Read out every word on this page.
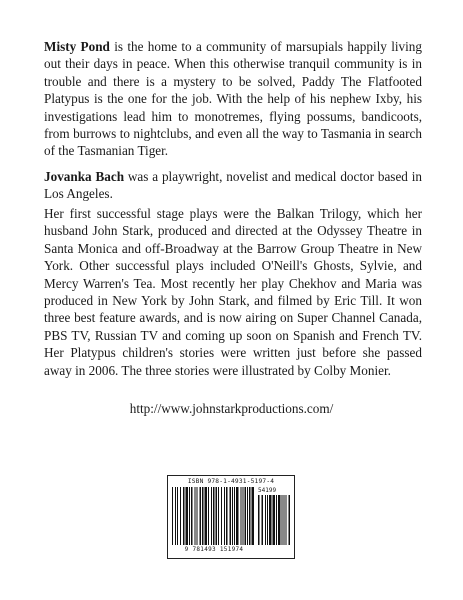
Misty Pond is the home to a community of marsupials happily living out their days in peace. When this otherwise tranquil community is in trouble and there is a mystery to be solved, Paddy The Flatfooted Platypus is the one for the job. With the help of his nephew Ixby, his investigations lead him to monotremes, flying possums, bandicoots, from burrows to nightclubs, and even all the way to Tasmania in search of the Tasmanian Tiger.

Jovanka Bach was a playwright, novelist and medical doctor based in Los Angeles.

Her first successful stage plays were the Balkan Trilogy, which her husband John Stark, produced and directed at the Odyssey Theatre in Santa Monica and off-Broadway at the Barrow Group Theatre in New York. Other successful plays included O'Neill's Ghosts, Sylvie, and Mercy Warren's Tea. Most recently her play Chekhov and Maria was produced in New York by John Stark, and filmed by Eric Till. It won three best feature awards, and is now airing on Super Channel Canada, PBS TV, Russian TV and coming up soon on Spanish and French TV. Her Platypus children's stories were written just before she passed away in 2006. The three stories were illustrated by Colby Monier.

http://www.johnstarkproductions.com/

ISBN 978-1-4931-5197-4
54199
9 781493 151974
